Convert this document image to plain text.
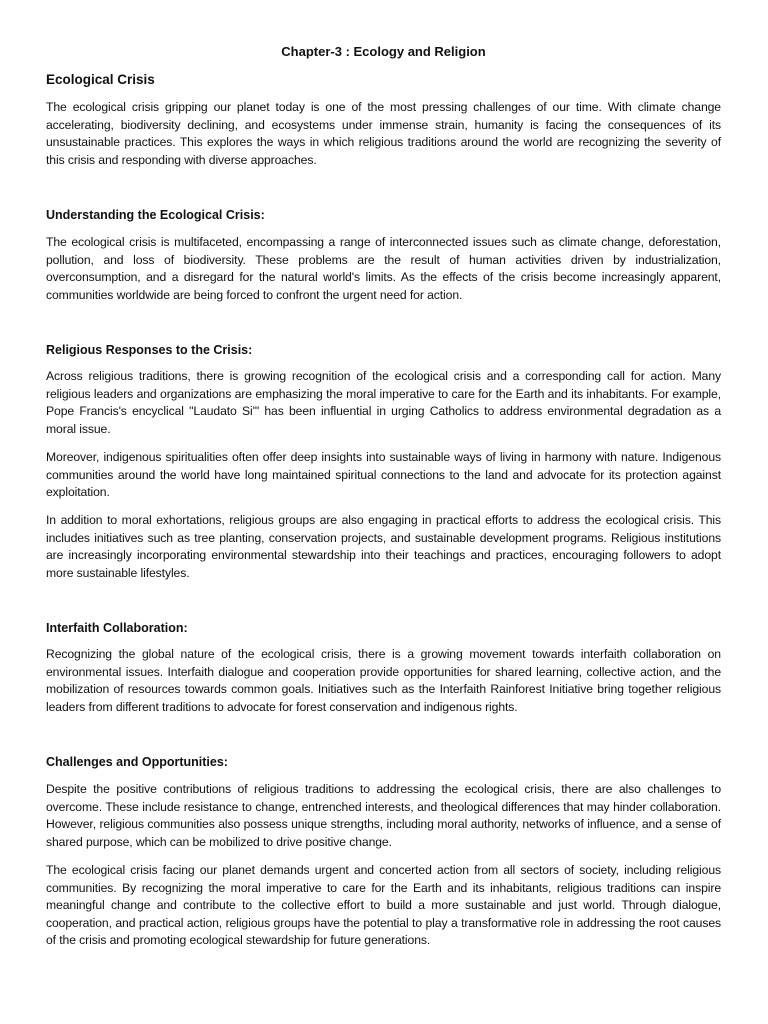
Chapter-3 : Ecology and Religion
Ecological Crisis

The ecological crisis gripping our planet today is one of the most pressing challenges of our time. With climate change accelerating, biodiversity declining, and ecosystems under immense strain, humanity is facing the consequences of its unsustainable practices. This explores the ways in which religious traditions around the world are recognizing the severity of this crisis and responding with diverse approaches.

Understanding the Ecological Crisis:

The ecological crisis is multifaceted, encompassing a range of interconnected issues such as climate change, deforestation, pollution, and loss of biodiversity. These problems are the result of human activities driven by industrialization, overconsumption, and a disregard for the natural world's limits. As the effects of the crisis become increasingly apparent, communities worldwide are being forced to confront the urgent need for action.

Religious Responses to the Crisis:

Across religious traditions, there is growing recognition of the ecological crisis and a corresponding call for action. Many religious leaders and organizations are emphasizing the moral imperative to care for the Earth and its inhabitants. For example, Pope Francis's encyclical "Laudato Si'" has been influential in urging Catholics to address environmental degradation as a moral issue.

Moreover, indigenous spiritualities often offer deep insights into sustainable ways of living in harmony with nature. Indigenous communities around the world have long maintained spiritual connections to the land and advocate for its protection against exploitation.

In addition to moral exhortations, religious groups are also engaging in practical efforts to address the ecological crisis. This includes initiatives such as tree planting, conservation projects, and sustainable development programs. Religious institutions are increasingly incorporating environmental stewardship into their teachings and practices, encouraging followers to adopt more sustainable lifestyles.

Interfaith Collaboration:

Recognizing the global nature of the ecological crisis, there is a growing movement towards interfaith collaboration on environmental issues. Interfaith dialogue and cooperation provide opportunities for shared learning, collective action, and the mobilization of resources towards common goals. Initiatives such as the Interfaith Rainforest Initiative bring together religious leaders from different traditions to advocate for forest conservation and indigenous rights.

Challenges and Opportunities:

Despite the positive contributions of religious traditions to addressing the ecological crisis, there are also challenges to overcome. These include resistance to change, entrenched interests, and theological differences that may hinder collaboration. However, religious communities also possess unique strengths, including moral authority, networks of influence, and a sense of shared purpose, which can be mobilized to drive positive change.

The ecological crisis facing our planet demands urgent and concerted action from all sectors of society, including religious communities. By recognizing the moral imperative to care for the Earth and its inhabitants, religious traditions can inspire meaningful change and contribute to the collective effort to build a more sustainable and just world. Through dialogue, cooperation, and practical action, religious groups have the potential to play a transformative role in addressing the root causes of the crisis and promoting ecological stewardship for future generations.
